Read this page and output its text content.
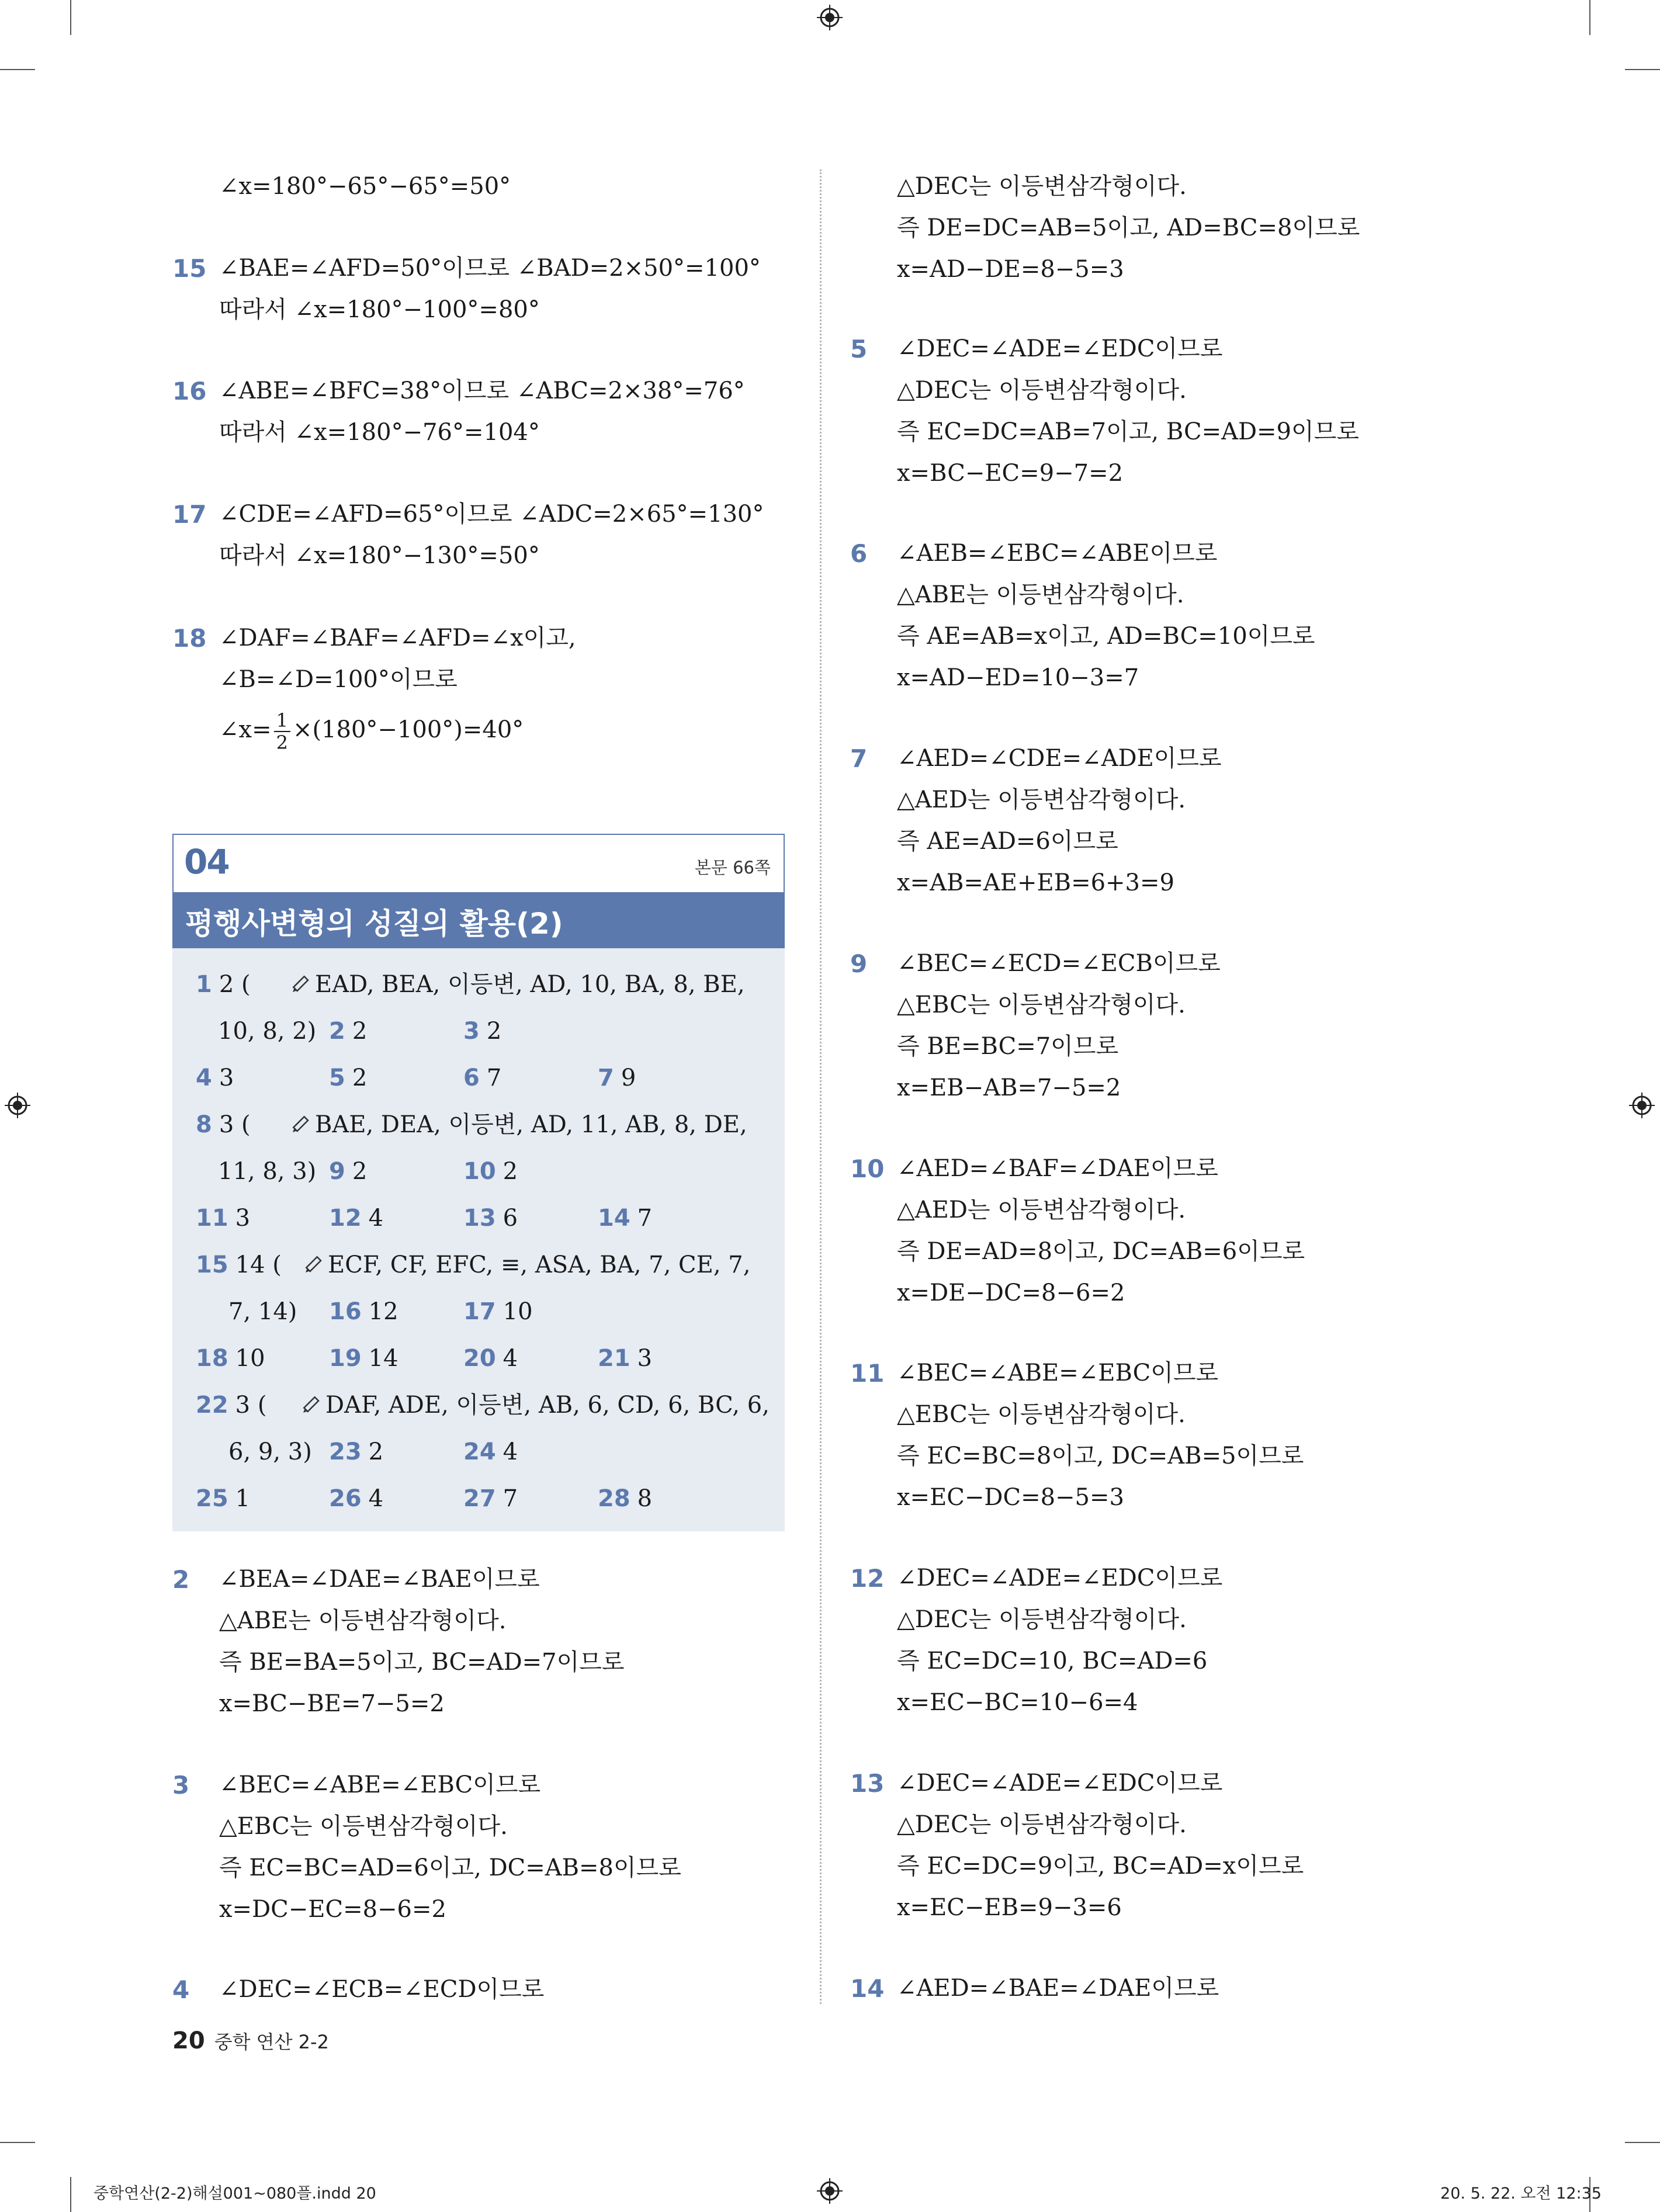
∠x=180°−65°−65°=50°
15 ∠BAE=∠AFD=50°이므로 ∠BAD=2×50°=100°
따라서 ∠x=180°−100°=80°
16 ∠ABE=∠BFC=38°이므로 ∠ABC=2×38°=76°
따라서 ∠x=180°−76°=104°
17 ∠CDE=∠AFD=65°이므로 ∠ADC=2×65°=130°
따라서 ∠x=180°−130°=50°
18 ∠DAF=∠BAF=∠AFD=∠x이고,
∠B=∠D=100°이므로
∠x= $\frac{1}{2} \times(180^\circ-100^\circ)=40^\circ$
04	본문 66쪽
평행사변형의 성질의 활용(2)
1 2 (	EAD, BEA, 이등변, AD, 10, BA, 8, BE,
10, 8, 2) 2 2	3 2
4 3	5 2	6 7	7 9
8 3 (	BAE, DEA, 이등변, AD, 11, AB, 8, DE,
11, 8, 3) 9 2	10 2
11 3	12 4	13 6	14 7
15 14 (	ECF, CF, EFC, ≡, ASA, BA, 7, CE, 7,
7, 14) 16 12	17 10
18 10	19 14	20 4	21 3
22 3 (	DAF, ADE, 이등변, AB, 6, CD, 6, BC, 6,
6, 9, 3) 23 2	24 4
25 1	26 4	27 7	28 8
2	∠BEA=∠DAE=∠BAE이므로
△ABE는 이등변삼각형이다.
즉 BE=BA=5이고, BC=AD=7이므로
x=BC−BE=7−5=2
3	∠BEC=∠ABE=∠EBC이므로
△EBC는 이등변삼각형이다.
즉 EC=BC=AD=6이고, DC=AB=8이므로
x=DC−EC=8−6=2
4	∠DEC=∠ECB=∠ECD이므로
△DEC는 이등변삼각형이다.
즉 DE=DC=AB=5이고, AD=BC=8이므로
x=AD−DE=8−5=3
5	∠DEC=∠ADE=∠EDC이므로
△DEC는 이등변삼각형이다.
즉 EC=DC=AB=7이고, BC=AD=9이므로
x=BC−EC=9−7=2
6	∠AEB=∠EBC=∠ABE이므로
△ABE는 이등변삼각형이다.
즉 AE=AB=x이고, AD=BC=10이므로
x=AD−ED=10−3=7
7	∠AED=∠CDE=∠ADE이므로
△AED는 이등변삼각형이다.
즉 AE=AD=6이므로
x=AB=AE+EB=6+3=9
9	∠BEC=∠ECD=∠ECB이므로
△EBC는 이등변삼각형이다.
즉 BE=BC=7이므로
x=EB−AB=7−5=2
10 ∠AED=∠BAF=∠DAE이므로
△AED는 이등변삼각형이다.
즉 DE=AD=8이고, DC=AB=6이므로
x=DE−DC=8−6=2
11 ∠BEC=∠ABE=∠EBC이므로
△EBC는 이등변삼각형이다.
즉 EC=BC=8이고, DC=AB=5이므로
x=EC−DC=8−5=3
12 ∠DEC=∠ADE=∠EDC이므로
△DEC는 이등변삼각형이다.
즉 EC=DC=10, BC=AD=6
x=EC−BC=10−6=4
13 ∠DEC=∠ADE=∠EDC이므로
△DEC는 이등변삼각형이다.
즉 EC=DC=9이고, BC=AD=x이므로
x=EC−EB=9−3=6
14 ∠AED=∠BAE=∠DAE이므로
20 중학 연산 2-2
중학연산(2-2)해설001~080플.indd 20	20. 5. 22. 오전 12:35
